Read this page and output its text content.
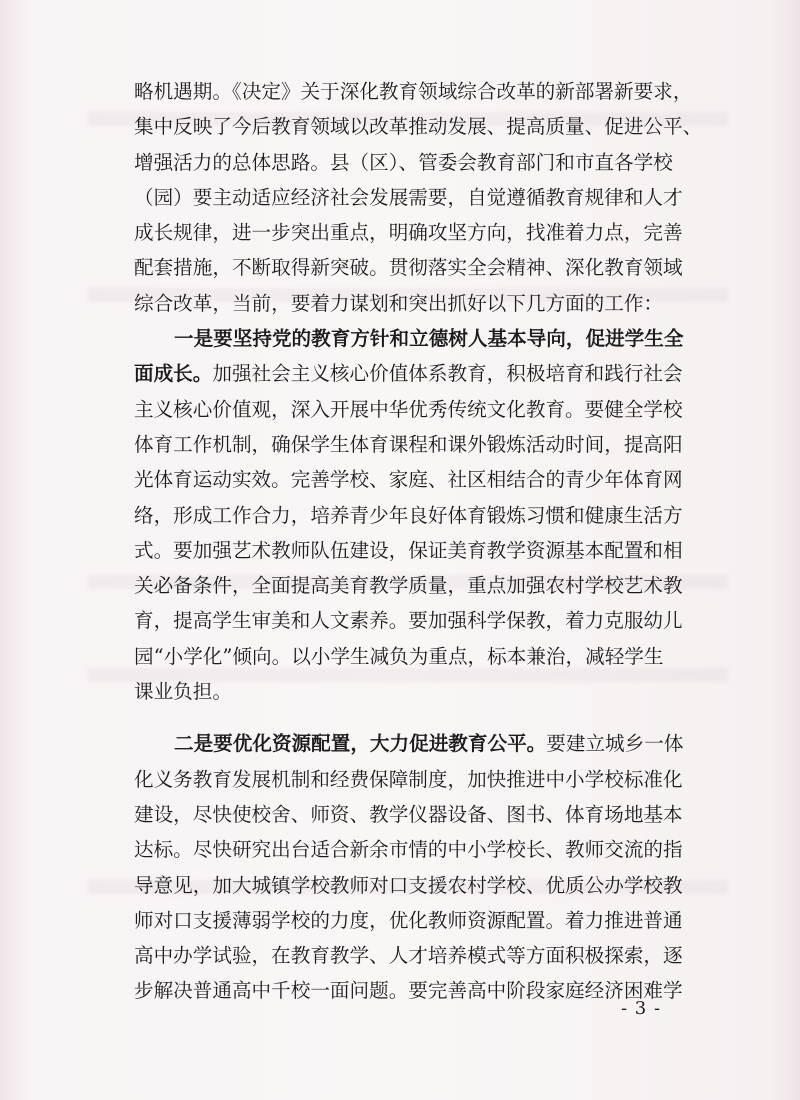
略机遇期。《决定》关于深化教育领域综合改革的新部署新要求，
集中反映了今后教育领域以改革推动发展、提高质量、促进公平、
增强活力的总体思路。县（区）、管委会教育部门和市直各学校
（园）要主动适应经济社会发展需要，自觉遵循教育规律和人才
成长规律，进一步突出重点，明确攻坚方向，找准着力点，完善
配套措施，不断取得新突破。贯彻落实全会精神、深化教育领域
综合改革，当前，要着力谋划和突出抓好以下几方面的工作：
一是要坚持党的教育方针和立德树人基本导向，促进学生全
面成长。加强社会主义核心价值体系教育，积极培育和践行社会
主义核心价值观，深入开展中华优秀传统文化教育。要健全学校
体育工作机制，确保学生体育课程和课外锻炼活动时间，提高阳
光体育运动实效。完善学校、家庭、社区相结合的青少年体育网
络，形成工作合力，培养青少年良好体育锻炼习惯和健康生活方
式。要加强艺术教师队伍建设，保证美育教学资源基本配置和相
关必备条件，全面提高美育教学质量，重点加强农村学校艺术教
育，提高学生审美和人文素养。要加强科学保教，着力克服幼儿
园“小学化”倾向。以小学生减负为重点，标本兼治，减轻学生
课业负担。
二是要优化资源配置，大力促进教育公平。要建立城乡一体
化义务教育发展机制和经费保障制度，加快推进中小学校标准化
建设，尽快使校舍、师资、教学仪器设备、图书、体育场地基本
达标。尽快研究出台适合新余市情的中小学校长、教师交流的指
导意见，加大城镇学校教师对口支援农村学校、优质公办学校教
师对口支援薄弱学校的力度，优化教师资源配置。着力推进普通
高中办学试验，在教育教学、人才培养模式等方面积极探索，逐
步解决普通高中千校一面问题。要完善高中阶段家庭经济困难学
- 3 -
